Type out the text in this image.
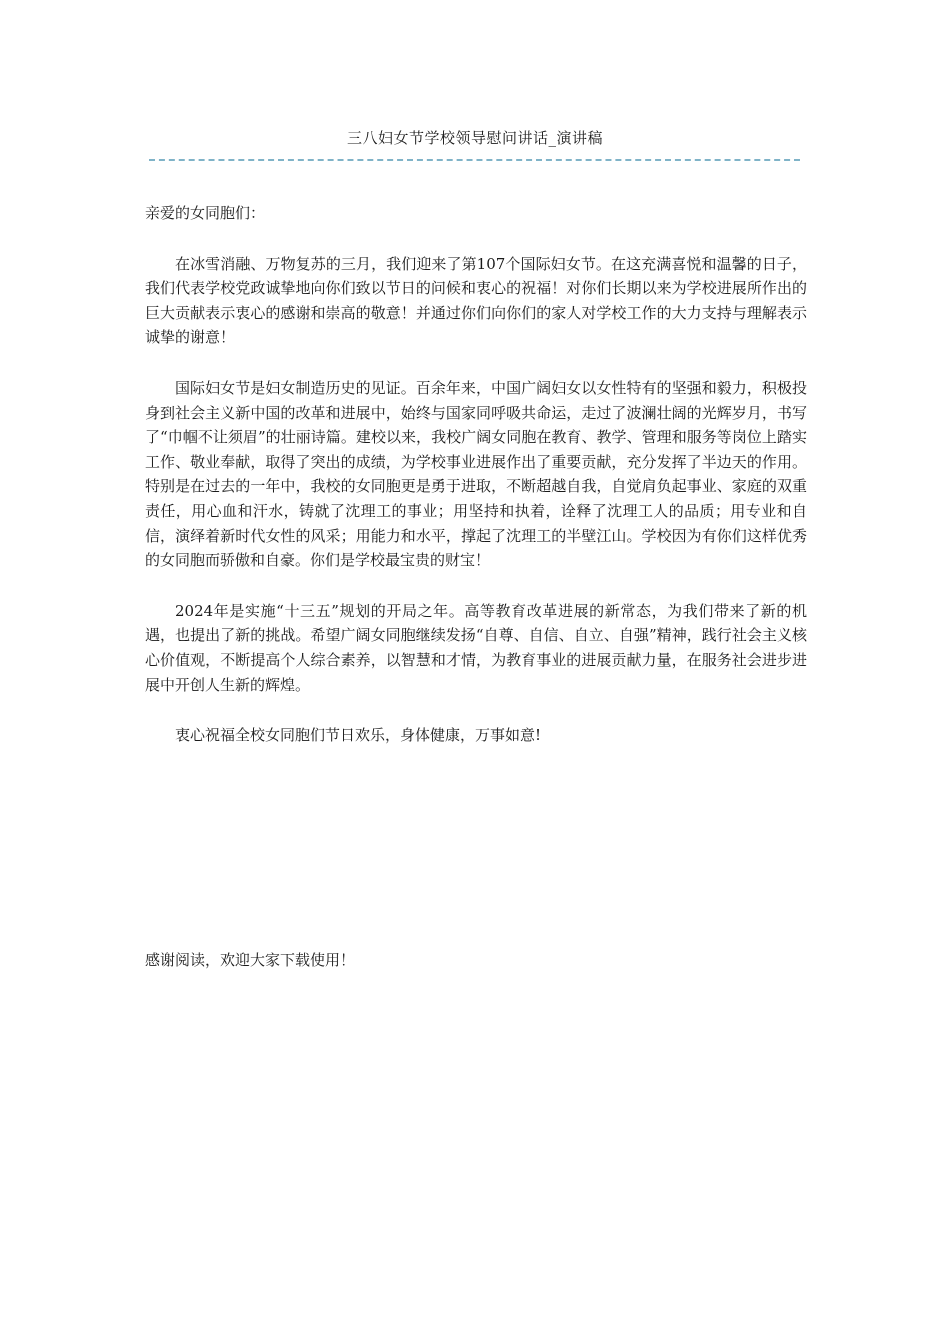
三八妇女节学校领导慰问讲话_演讲稿

亲爱的女同胞们：

在冰雪消融、万物复苏的三月，我们迎来了第107个国际妇女节。在这充满喜悦和温馨的日子，我们代表学校党政诚挚地向你们致以节日的问候和衷心的祝福！对你们长期以来为学校进展所作出的巨大贡献表示衷心的感谢和崇高的敬意！并通过你们向你们的家人对学校工作的大力支持与理解表示诚挚的谢意！

国际妇女节是妇女制造历史的见证。百余年来，中国广阔妇女以女性特有的坚强和毅力，积极投身到社会主义新中国的改革和进展中，始终与国家同呼吸共命运，走过了波澜壮阔的光辉岁月，书写了“巾帼不让须眉”的壮丽诗篇。建校以来，我校广阔女同胞在教育、教学、管理和服务等岗位上踏实工作、敬业奉献，取得了突出的成绩，为学校事业进展作出了重要贡献，充分发挥了半边天的作用。特别是在过去的一年中，我校的女同胞更是勇于进取，不断超越自我，自觉肩负起事业、家庭的双重责任，用心血和汗水，铸就了沈理工的事业；用坚持和执着，诠释了沈理工人的品质；用专业和自信，演绎着新时代女性的风采；用能力和水平，撑起了沈理工的半壁江山。学校因为有你们这样优秀的女同胞而骄傲和自豪。你们是学校最宝贵的财宝！

2024年是实施“十三五”规划的开局之年。高等教育改革进展的新常态，为我们带来了新的机遇，也提出了新的挑战。希望广阔女同胞继续发扬“自尊、自信、自立、自强”精神，践行社会主义核心价值观，不断提高个人综合素养，以智慧和才情，为教育事业的进展贡献力量，在服务社会进步进展中开创人生新的辉煌。

衷心祝福全校女同胞们节日欢乐，身体健康，万事如意!

感谢阅读，欢迎大家下载使用！
